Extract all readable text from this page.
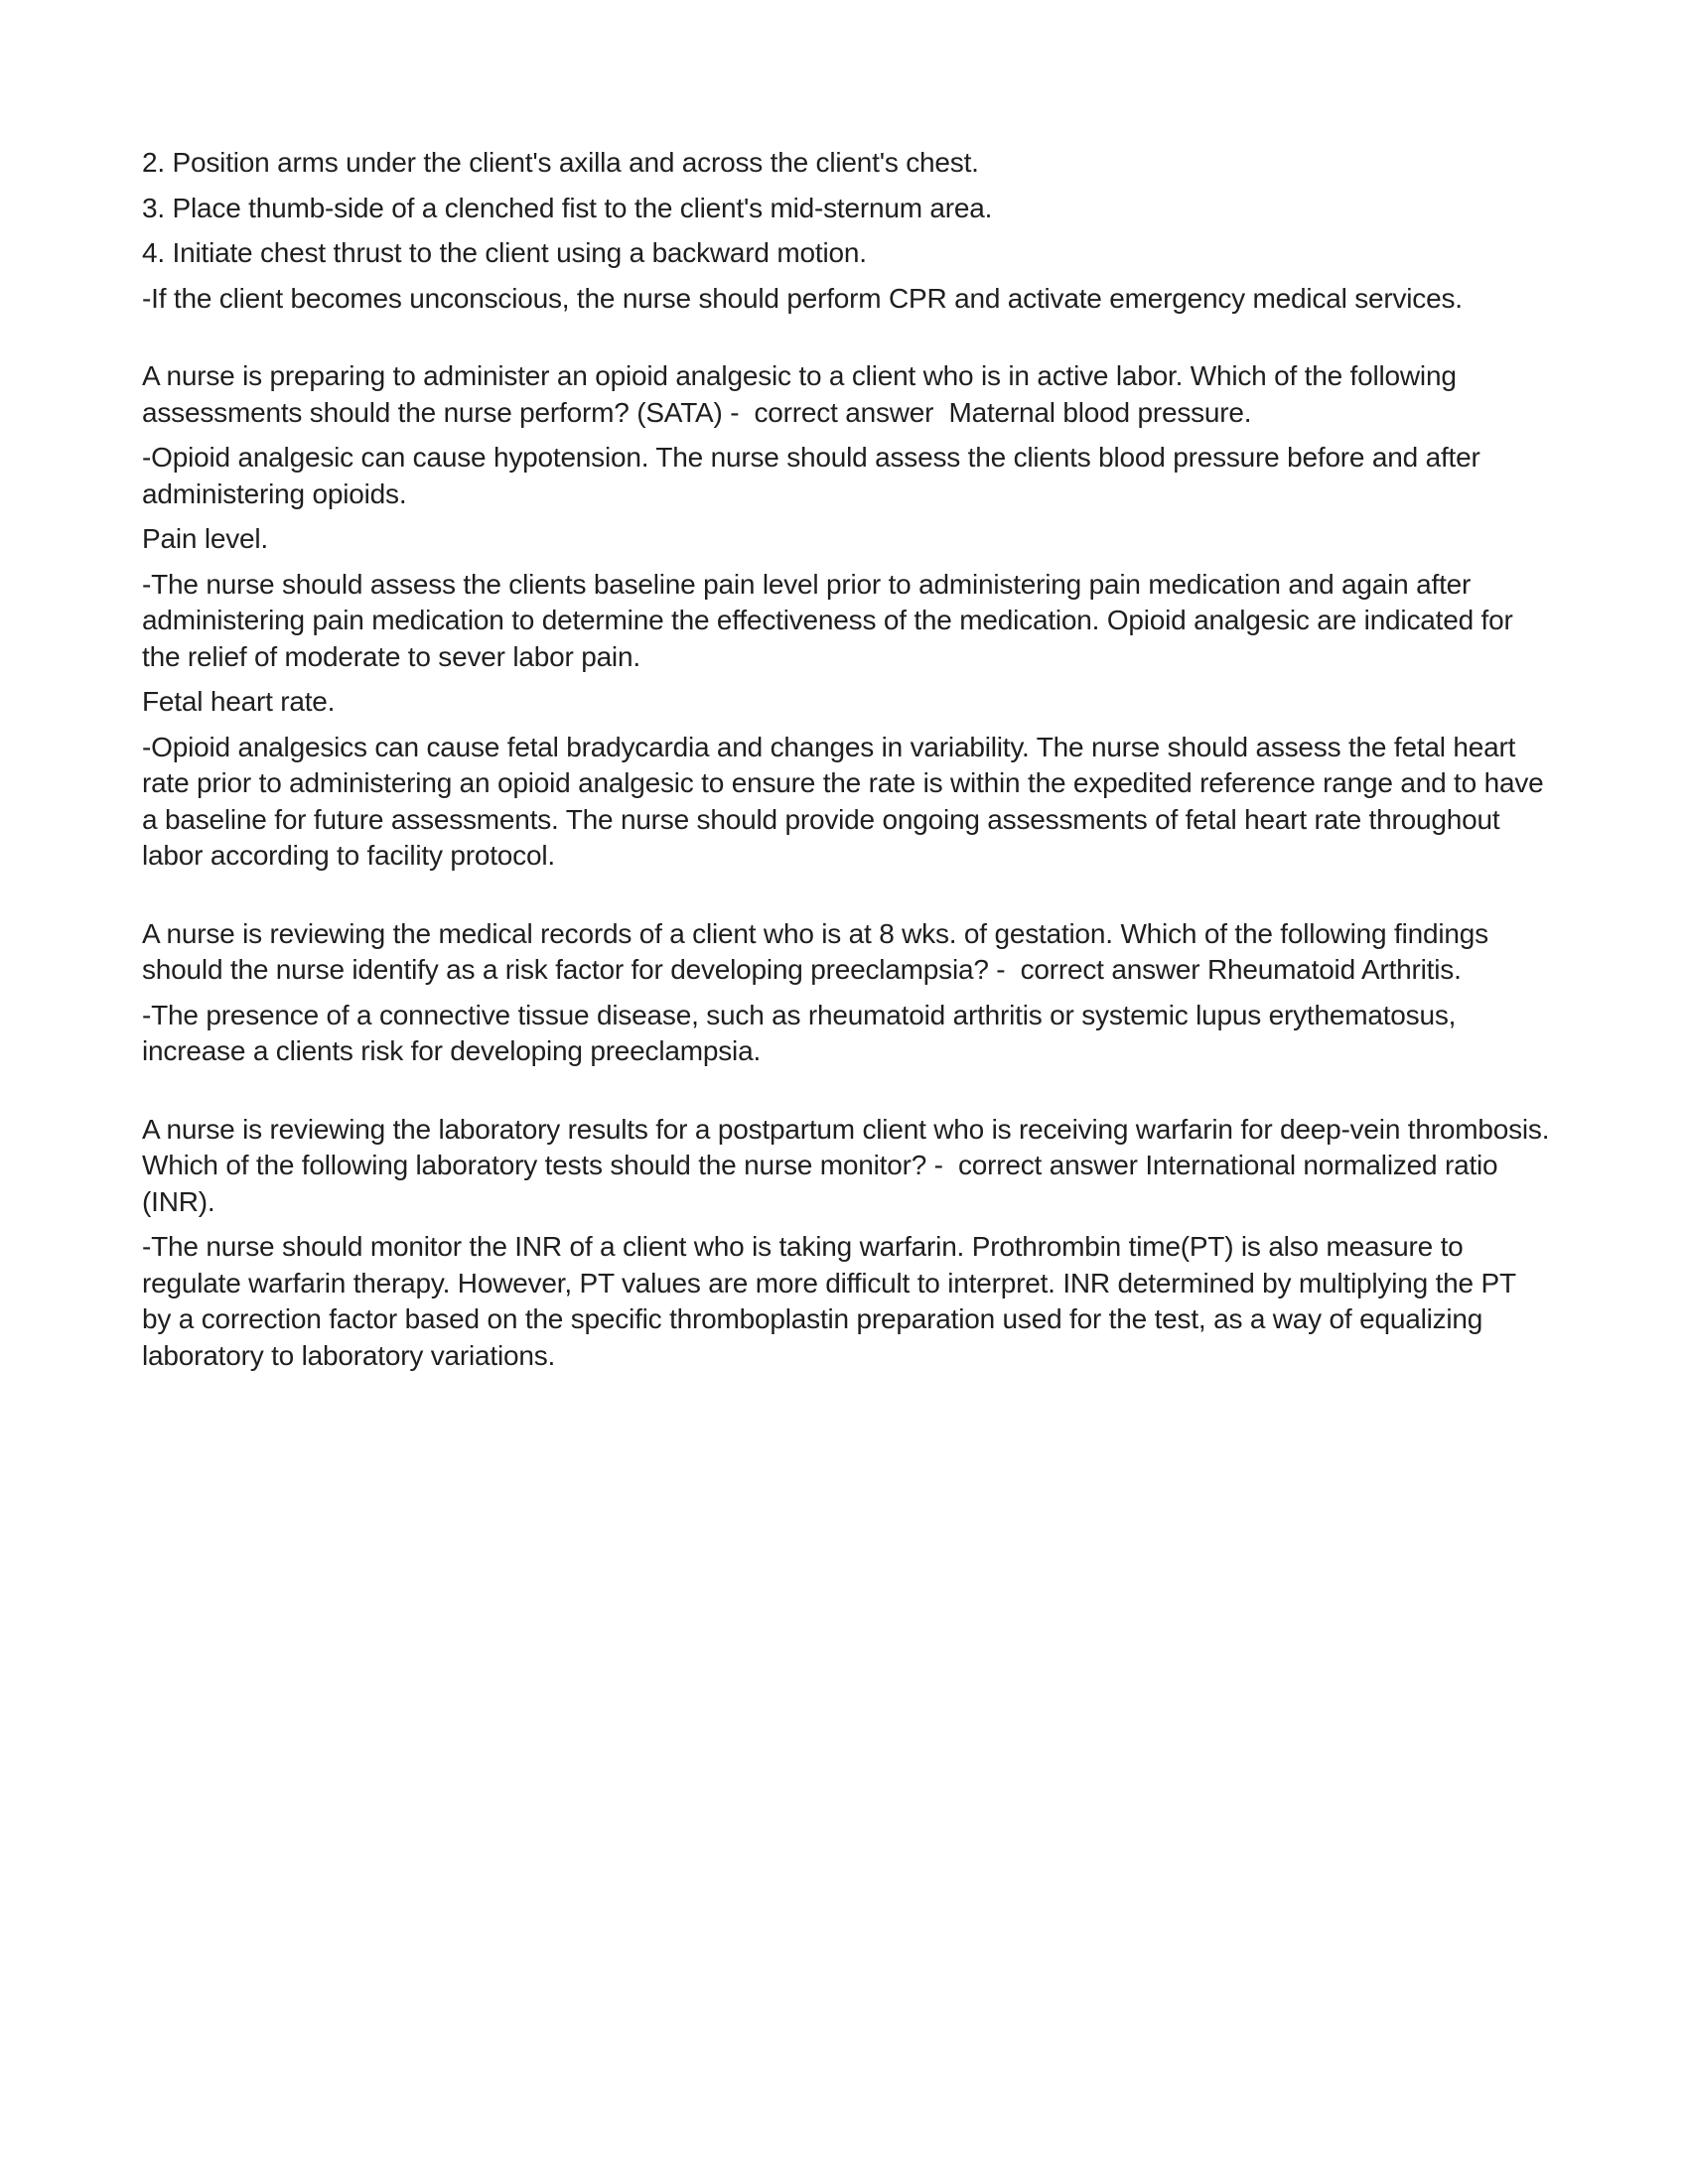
2. Position arms under the client's axilla and across the client's chest.

3. Place thumb-side of a clenched fist to the client's mid-sternum area.

4. Initiate chest thrust to the client using a backward motion.

-If the client becomes unconscious, the nurse should perform CPR and activate emergency medical services.

A nurse is preparing to administer an opioid analgesic to a client who is in active labor. Which of the following assessments should the nurse perform? (SATA) -  correct answer  Maternal blood pressure.

-Opioid analgesic can cause hypotension. The nurse should assess the clients blood pressure before and after administering opioids.

Pain level.

-The nurse should assess the clients baseline pain level prior to administering pain medication and again after administering pain medication to determine the effectiveness of the medication. Opioid analgesic are indicated for the relief of moderate to sever labor pain.

Fetal heart rate.

-Opioid analgesics can cause fetal bradycardia and changes in variability. The nurse should assess the fetal heart rate prior to administering an opioid analgesic to ensure the rate is within the expedited reference range and to have a baseline for future assessments. The nurse should provide ongoing assessments of fetal heart rate throughout labor according to facility protocol.

A nurse is reviewing the medical records of a client who is at 8 wks. of gestation. Which of the following findings should the nurse identify as a risk factor for developing preeclampsia? -  correct answer Rheumatoid Arthritis.

-The presence of a connective tissue disease, such as rheumatoid arthritis or systemic lupus erythematosus, increase a clients risk for developing preeclampsia.

A nurse is reviewing the laboratory results for a postpartum client who is receiving warfarin for deep-vein thrombosis. Which of the following laboratory tests should the nurse monitor? -  correct answer International normalized ratio (INR).

-The nurse should monitor the INR of a client who is taking warfarin. Prothrombin time(PT) is also measure to regulate warfarin therapy. However, PT values are more difficult to interpret. INR determined by multiplying the PT by a correction factor based on the specific thromboplastin preparation used for the test, as a way of equalizing laboratory to laboratory variations.
